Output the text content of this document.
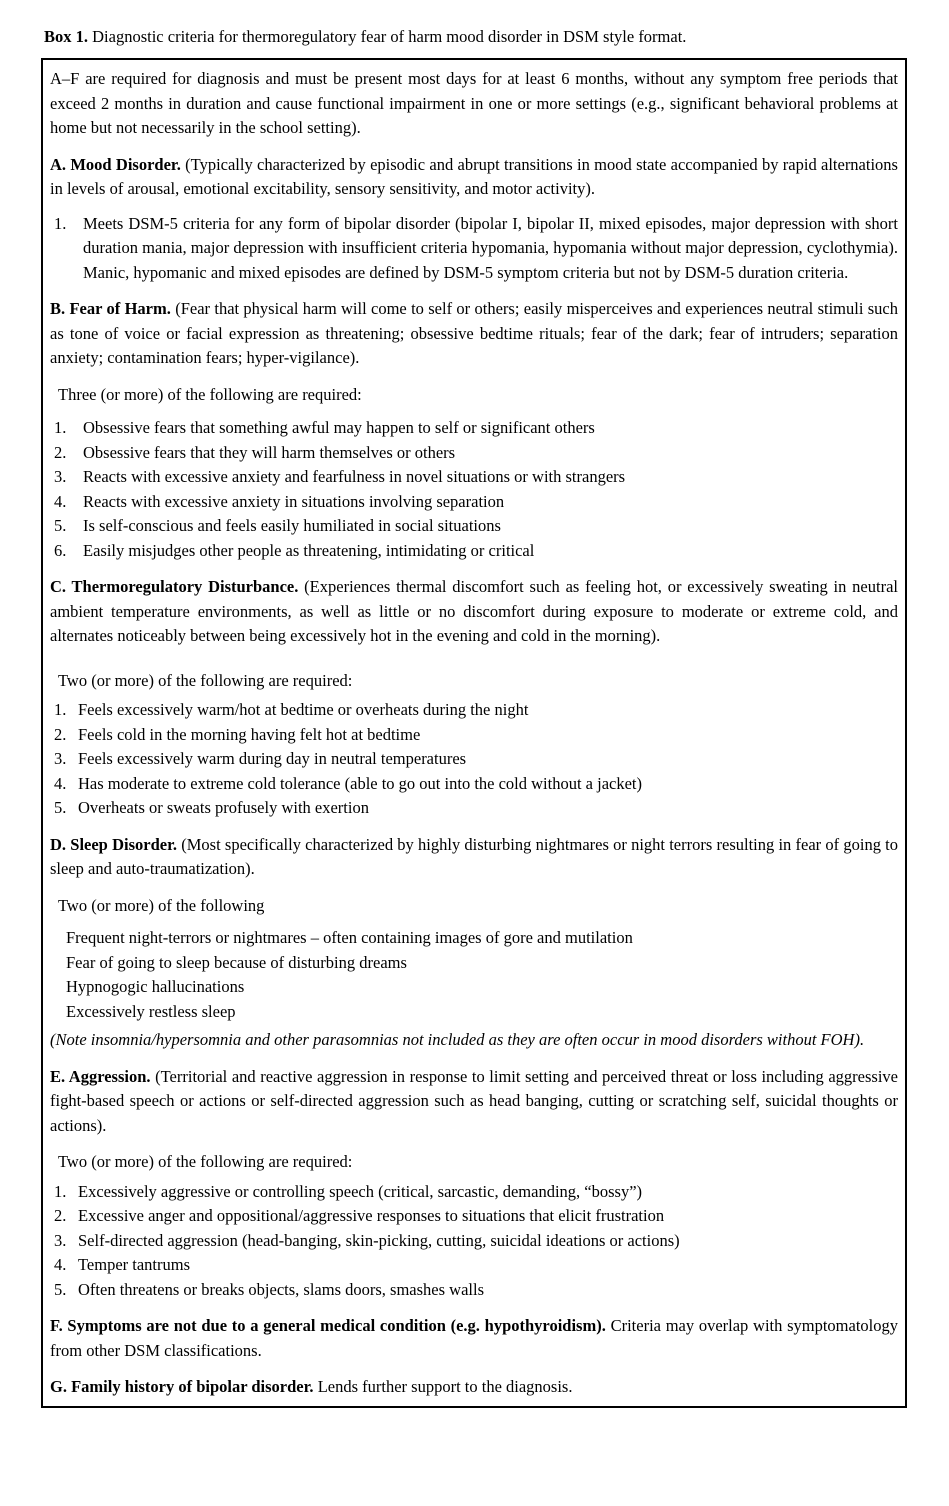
Box 1. Diagnostic criteria for thermoregulatory fear of harm mood disorder in DSM style format.

A–F are required for diagnosis and must be present most days for at least 6 months, without any symptom free periods that exceed 2 months in duration and cause functional impairment in one or more settings (e.g., significant behavioral problems at home but not necessarily in the school setting).

A. Mood Disorder. (Typically characterized by episodic and abrupt transitions in mood state accompanied by rapid alternations in levels of arousal, emotional excitability, sensory sensitivity, and motor activity).

1.	Meets DSM-5 criteria for any form of bipolar disorder (bipolar I, bipolar II, mixed episodes, major depression with short duration mania, major depression with insufficient criteria hypomania, hypomania without major depression, cyclothymia). Manic, hypomanic and mixed episodes are defined by DSM-5 symptom criteria but not by DSM-5 duration criteria.

B. Fear of Harm. (Fear that physical harm will come to self or others; easily misperceives and experiences neutral stimuli such as tone of voice or facial expression as threatening; obsessive bedtime rituals; fear of the dark; fear of intruders; separation anxiety; contamination fears; hyper-vigilance).

Three (or more) of the following are required:

1.	Obsessive fears that something awful may happen to self or significant others
2.	Obsessive fears that they will harm themselves or others
3.	Reacts with excessive anxiety and fearfulness in novel situations or with strangers
4.	Reacts with excessive anxiety in situations involving separation
5.	Is self-conscious and feels easily humiliated in social situations
6.	Easily misjudges other people as threatening, intimidating or critical

C. Thermoregulatory Disturbance. (Experiences thermal discomfort such as feeling hot, or excessively sweating in neutral ambient temperature environments, as well as little or no discomfort during exposure to moderate or extreme cold, and alternates noticeably between being excessively hot in the evening and cold in the morning).

Two (or more) of the following are required:

1. Feels excessively warm/hot at bedtime or overheats during the night
2. Feels cold in the morning having felt hot at bedtime
3. Feels excessively warm during day in neutral temperatures
4. Has moderate to extreme cold tolerance (able to go out into the cold without a jacket)
5. Overheats or sweats profusely with exertion

D. Sleep Disorder. (Most specifically characterized by highly disturbing nightmares or night terrors resulting in fear of going to sleep and auto-traumatization).

Two (or more) of the following

Frequent night-terrors or nightmares – often containing images of gore and mutilation
Fear of going to sleep because of disturbing dreams
Hypnogogic hallucinations
Excessively restless sleep

(Note insomnia/hypersomnia and other parasomnias not included as they are often occur in mood disorders without FOH).

E. Aggression. (Territorial and reactive aggression in response to limit setting and perceived threat or loss including aggressive fight-based speech or actions or self-directed aggression such as head banging, cutting or scratching self, suicidal thoughts or actions).

Two (or more) of the following are required:

1. Excessively aggressive or controlling speech (critical, sarcastic, demanding, “bossy”)
2. Excessive anger and oppositional/aggressive responses to situations that elicit frustration
3. Self-directed aggression (head-banging, skin-picking, cutting, suicidal ideations or actions)
4. Temper tantrums
5. Often threatens or breaks objects, slams doors, smashes walls

F. Symptoms are not due to a general medical condition (e.g. hypothyroidism). Criteria may overlap with symptomatology from other DSM classifications.

G. Family history of bipolar disorder. Lends further support to the diagnosis.
